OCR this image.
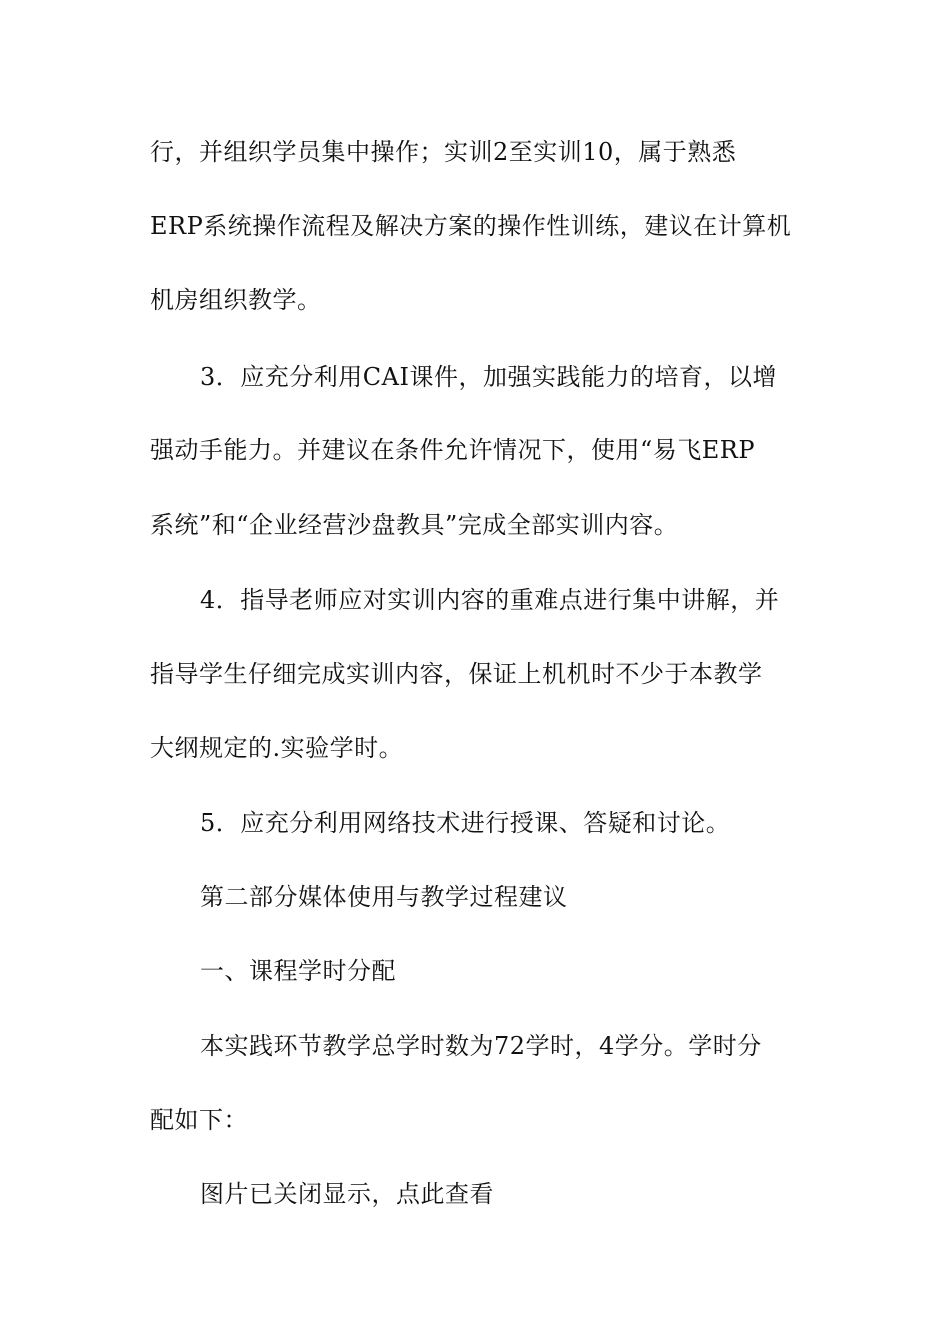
行，并组织学员集中操作；实训2至实训10，属于熟悉
ERP系统操作流程及解决方案的操作性训练，建议在计算机
机房组织教学。
3．应充分利用CAI课件，加强实践能力的培育，以增
强动手能力。并建议在条件允许情况下，使用“易飞ERP
系统”和“企业经营沙盘教具”完成全部实训内容。
4．指导老师应对实训内容的重难点进行集中讲解，并
指导学生仔细完成实训内容，保证上机机时不少于本教学
大纲规定的.实验学时。
5．应充分利用网络技术进行授课、答疑和讨论。
第二部分媒体使用与教学过程建议
一、课程学时分配
本实践环节教学总学时数为72学时，4学分。学时分
配如下：
图片已关闭显示，点此查看
